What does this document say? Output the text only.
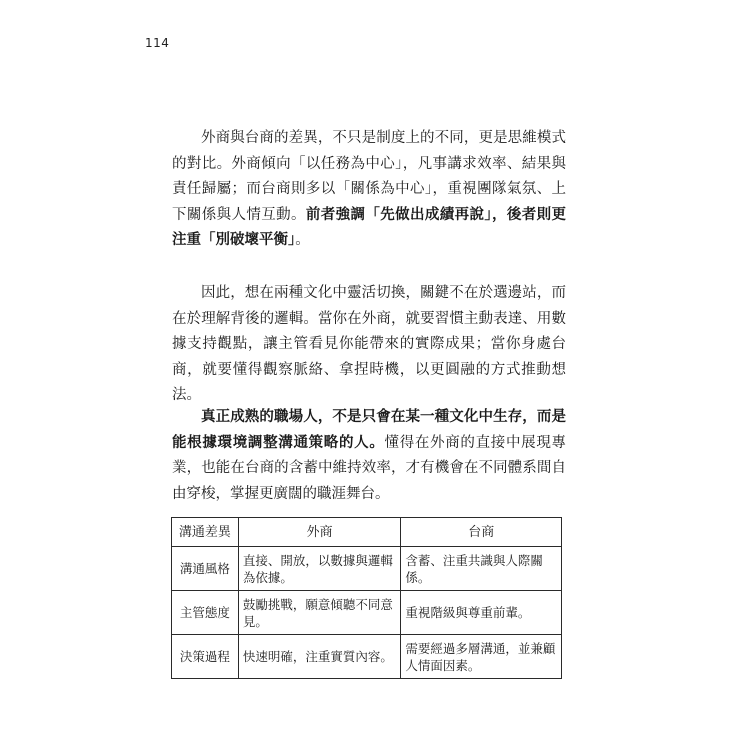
114

外商與台商的差異，不只是制度上的不同，更是思維模式的對比。外商傾向「以任務為中心」，凡事講求效率、結果與責任歸屬；而台商則多以「關係為中心」，重視團隊氣氛、上下關係與人情互動。前者強調「先做出成績再說」，後者則更注重「別破壞平衡」。

因此，想在兩種文化中靈活切換，關鍵不在於選邊站，而在於理解背後的邏輯。當你在外商，就要習慣主動表達、用數據支持觀點，讓主管看見你能帶來的實際成果；當你身處台商，就要懂得觀察脈絡、拿捏時機，以更圓融的方式推動想法。

真正成熟的職場人，不是只會在某一種文化中生存，而是能根據環境調整溝通策略的人。懂得在外商的直接中展現專業，也能在台商的含蓄中維持效率，才有機會在不同體系間自由穿梭，掌握更廣闊的職涯舞台。

溝通差異	外商	台商
溝通風格	直接、開放，以數據與邏輯為依據。	含蓄、注重共識與人際關係。
主管態度	鼓勵挑戰，願意傾聽不同意見。	重視階級與尊重前輩。
決策過程	快速明確，注重實質內容。	需要經過多層溝通，並兼顧人情面因素。
